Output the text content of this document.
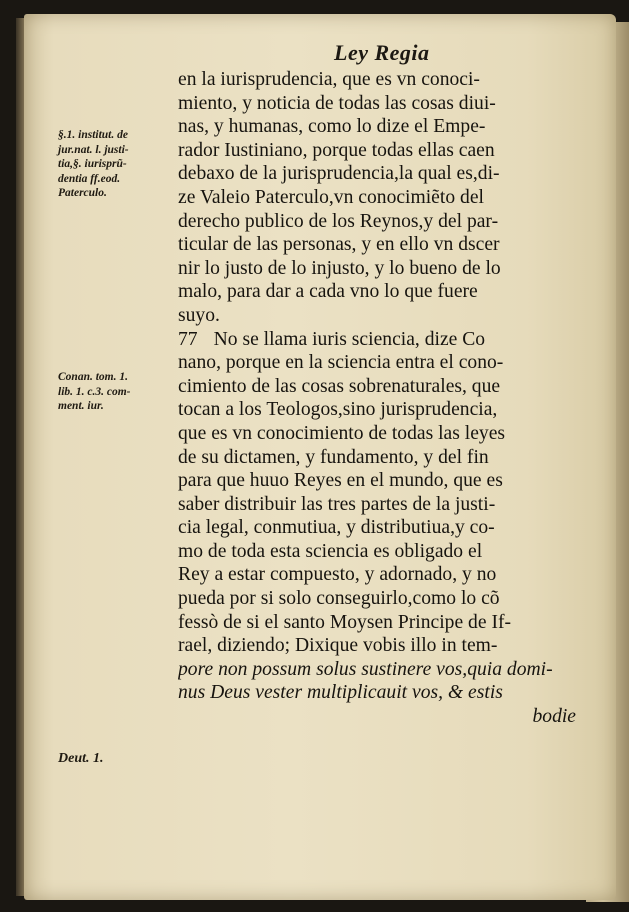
Ley Regia
§.1. institut. de
jur.nat. l. justi-
tia,§. iurisprũ-
dentia ff.eod.
Paterculo.
Conan. tom. 1.
lib. 1. c.3. com-
ment. iur.
Deut. 1.
en la iurisprudencia, que es vn conoci-
miento, y noticia de todas las cosas diui-
nas, y humanas, como lo dize el Empe-
rador Iustiniano, porque todas ellas caen
debaxo de la jurisprudencia,la qual es,di-
ze Valeio Paterculo,vn conocimiẽto del
derecho publico de los Reynos,y del par-
ticular de las personas, y en ello vn dscer
nir lo justo de lo injusto, y lo bueno de lo
malo, para dar a cada vno lo que fuere
suyo.
77 No se llama iuris sciencia, dize Co
nano, porque en la sciencia entra el cono-
cimiento de las cosas sobrenaturales, que
tocan a los Teologos,sino jurisprudencia,
que es vn conocimiento de todas las leyes
de su dictamen, y fundamento, y del fin
para que huuo Reyes en el mundo, que es
saber distribuir las tres partes de la justi-
cia legal, conmutiua, y distributiua,y co-
mo de toda esta sciencia es obligado el
Rey a estar compuesto, y adornado, y no
pueda por si solo conseguirlo,como lo cõ
fessò de si el santo Moysen Principe de If-
rael, diziendo; Dixique vobis illo in tem-
pore non possum solus sustinere vos,quia domi-
nus Deus vester multiplicauit vos, & estis
bodie
